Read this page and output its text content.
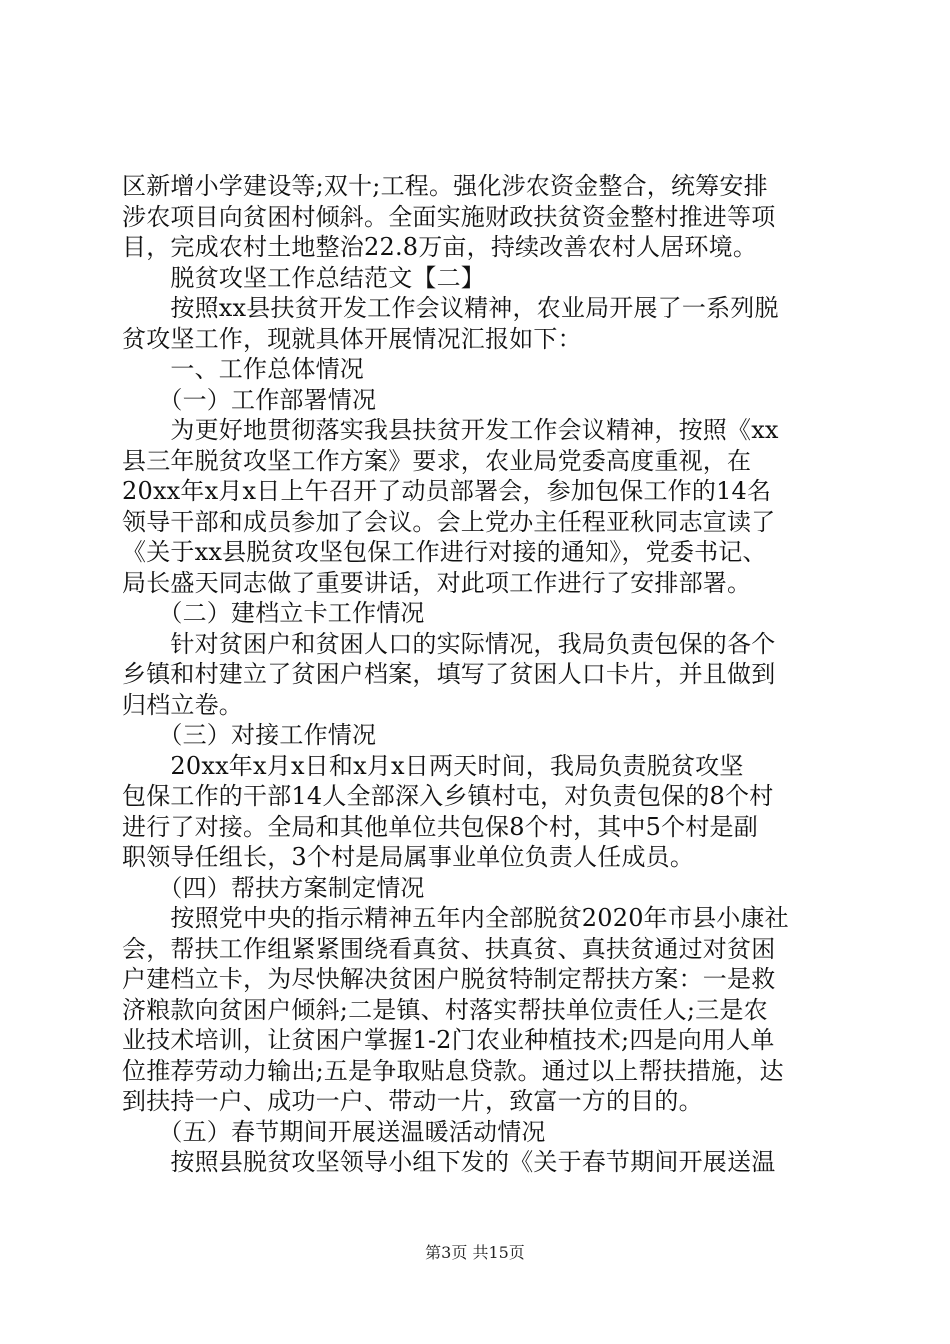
区新增小学建设等;双十;工程。强化涉农资金整合，统筹安排
涉农项目向贫困村倾斜。全面实施财政扶贫资金整村推进等项
目，完成农村土地整治22.8万亩，持续改善农村人居环境。
　　脱贫攻坚工作总结范文【二】
　　按照xx县扶贫开发工作会议精神，农业局开展了一系列脱
贫攻坚工作，现就具体开展情况汇报如下：
　　一、工作总体情况
　　（一）工作部署情况
　　为更好地贯彻落实我县扶贫开发工作会议精神，按照《xx
县三年脱贫攻坚工作方案》要求，农业局党委高度重视，在
20xx年x月x日上午召开了动员部署会，参加包保工作的14名
领导干部和成员参加了会议。会上党办主任程亚秋同志宣读了
《关于xx县脱贫攻坚包保工作进行对接的通知》，党委书记、
局长盛天同志做了重要讲话，对此项工作进行了安排部署。
　　（二）建档立卡工作情况
　　针对贫困户和贫困人口的实际情况，我局负责包保的各个
乡镇和村建立了贫困户档案，填写了贫困人口卡片，并且做到
归档立卷。
　　（三）对接工作情况
　　20xx年x月x日和x月x日两天时间，我局负责脱贫攻坚
包保工作的干部14人全部深入乡镇村屯，对负责包保的8个村
进行了对接。全局和其他单位共包保8个村，其中5个村是副
职领导任组长，3个村是局属事业单位负责人任成员。
　　（四）帮扶方案制定情况
　　按照党中央的指示精神五年内全部脱贫2020年市县小康社
会，帮扶工作组紧紧围绕看真贫、扶真贫、真扶贫通过对贫困
户建档立卡，为尽快解决贫困户脱贫特制定帮扶方案：一是救
济粮款向贫困户倾斜;二是镇、村落实帮扶单位责任人;三是农
业技术培训，让贫困户掌握1-2门农业种植技术;四是向用人单
位推荐劳动力输出;五是争取贴息贷款。通过以上帮扶措施，达
到扶持一户、成功一户、带动一片，致富一方的目的。
　　（五）春节期间开展送温暖活动情况
　　按照县脱贫攻坚领导小组下发的《关于春节期间开展送温
第3页 共15页
